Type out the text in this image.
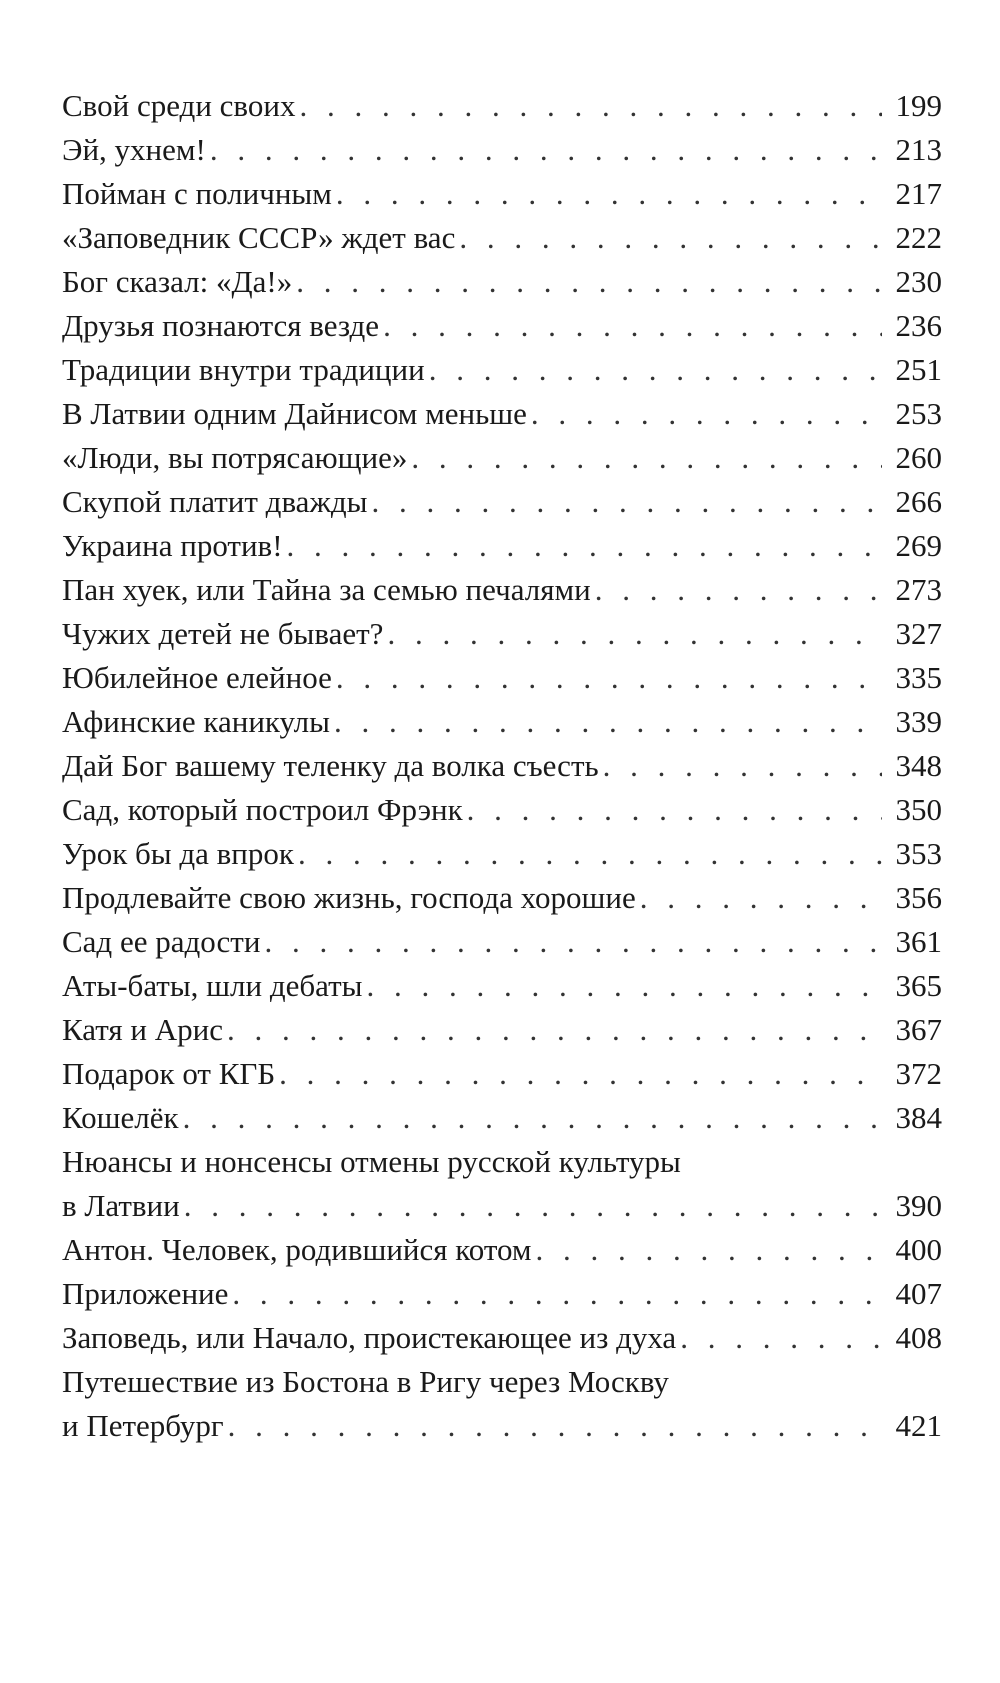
Свой среди своих . . .	199
Эй, ухнем! . . .	213
Пойман с поличным . . .	217
«Заповедник СССР» ждет вас . . .	222
Бог сказал: «Да!» . . .	230
Друзья познаются везде . . .	236
Традиции внутри традиции . . .	251
В Латвии одним Дайнисом меньше . . .	253
«Люди, вы потрясающие» . . .	260
Скупой платит дважды . . .	266
Украина против! . . .	269
Пан хуек, или Тайна за семью печалями . . .	273
Чужих детей не бывает? . . .	327
Юбилейное елейное . . .	335
Афинские каникулы . . .	339
Дай Бог вашему теленку да волка съесть . . .	348
Сад, который построил Фрэнк . . .	350
Урок бы да впрок . . .	353
Продлевайте свою жизнь, господа хорошие . . .	356
Сад ее радости . . .	361
Аты-баты, шли дебаты . . .	365
Катя и Арис . . .	367
Подарок от КГБ . . .	372
Кошелёк . . .	384
Нюансы и нонсенсы отмены русской культуры
в Латвии . . .	390
Антон. Человек, родившийся котом . . .	400
Приложение . . .	407
Заповедь, или Начало, проистекающее из духа . . .	408
Путешествие из Бостона в Ригу через Москву
и Петербург . . .	421
